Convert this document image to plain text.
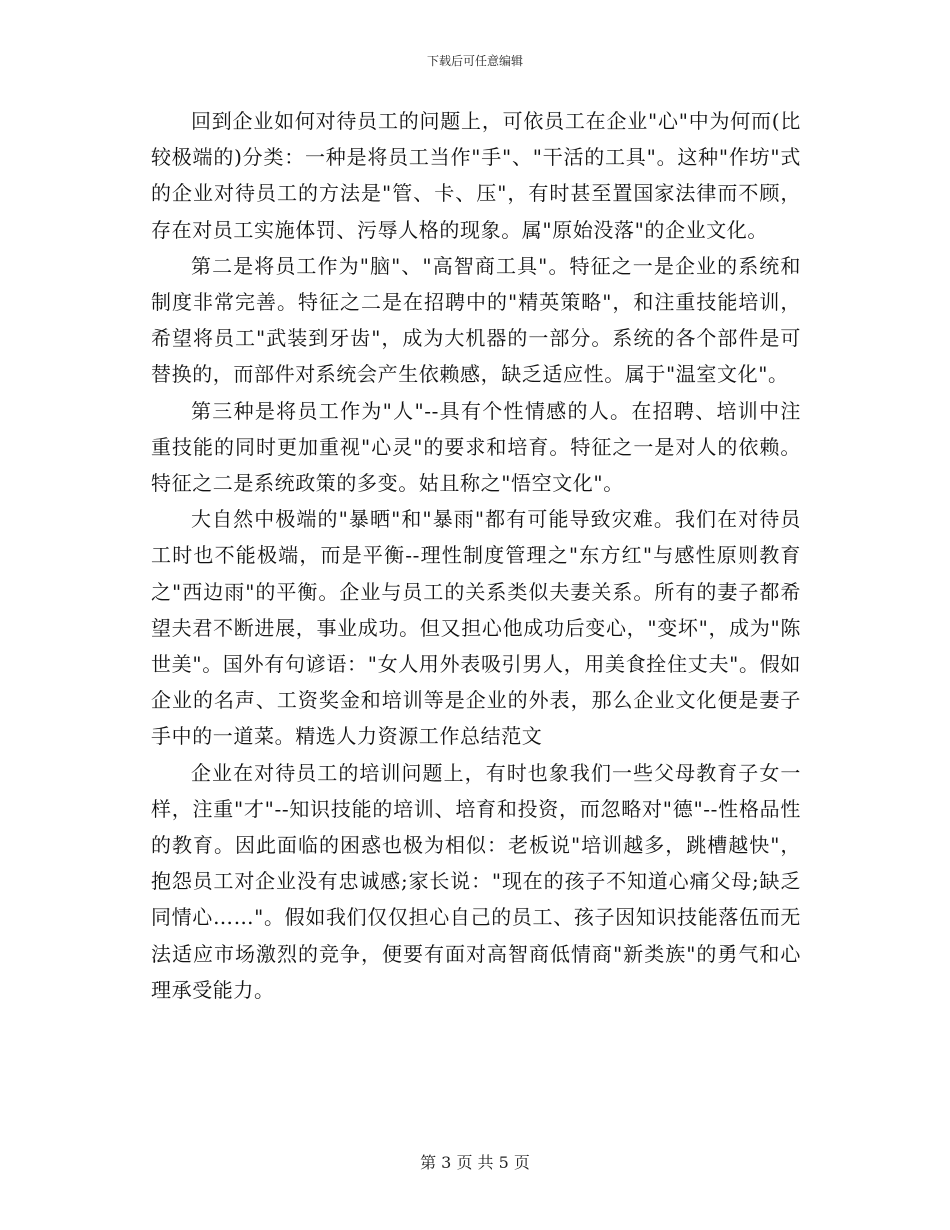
下载后可任意编辑

回到企业如何对待员工的问题上，可依员工在企业"心"中为何而(比较极端的)分类：一种是将员工当作"手"、"干活的工具"。这种"作坊"式的企业对待员工的方法是"管、卡、压"，有时甚至置国家法律而不顾，存在对员工实施体罚、污辱人格的现象。属"原始没落"的企业文化。

第二是将员工作为"脑"、"高智商工具"。特征之一是企业的系统和制度非常完善。特征之二是在招聘中的"精英策略"，和注重技能培训，希望将员工"武装到牙齿"，成为大机器的一部分。系统的各个部件是可替换的，而部件对系统会产生依赖感，缺乏适应性。属于"温室文化"。

第三种是将员工作为"人"--具有个性情感的人。在招聘、培训中注重技能的同时更加重视"心灵"的要求和培育。特征之一是对人的依赖。特征之二是系统政策的多变。姑且称之"悟空文化"。

大自然中极端的"暴晒"和"暴雨"都有可能导致灾难。我们在对待员工时也不能极端，而是平衡--理性制度管理之"东方红"与感性原则教育之"西边雨"的平衡。企业与员工的关系类似夫妻关系。所有的妻子都希望夫君不断进展，事业成功。但又担心他成功后变心，"变坏"，成为"陈世美"。国外有句谚语："女人用外表吸引男人，用美食拴住丈夫"。假如企业的名声、工资奖金和培训等是企业的外表，那么企业文化便是妻子手中的一道菜。精选人力资源工作总结范文

企业在对待员工的培训问题上，有时也象我们一些父母教育子女一样，注重"才"--知识技能的培训、培育和投资，而忽略对"德"--性格品性的教育。因此面临的困惑也极为相似：老板说"培训越多，跳槽越快"，抱怨员工对企业没有忠诚感;家长说："现在的孩子不知道心痛父母;缺乏同情心……"。假如我们仅仅担心自己的员工、孩子因知识技能落伍而无法适应市场激烈的竞争，便要有面对高智商低情商"新类族"的勇气和心理承受能力。

第 3 页 共 5 页
